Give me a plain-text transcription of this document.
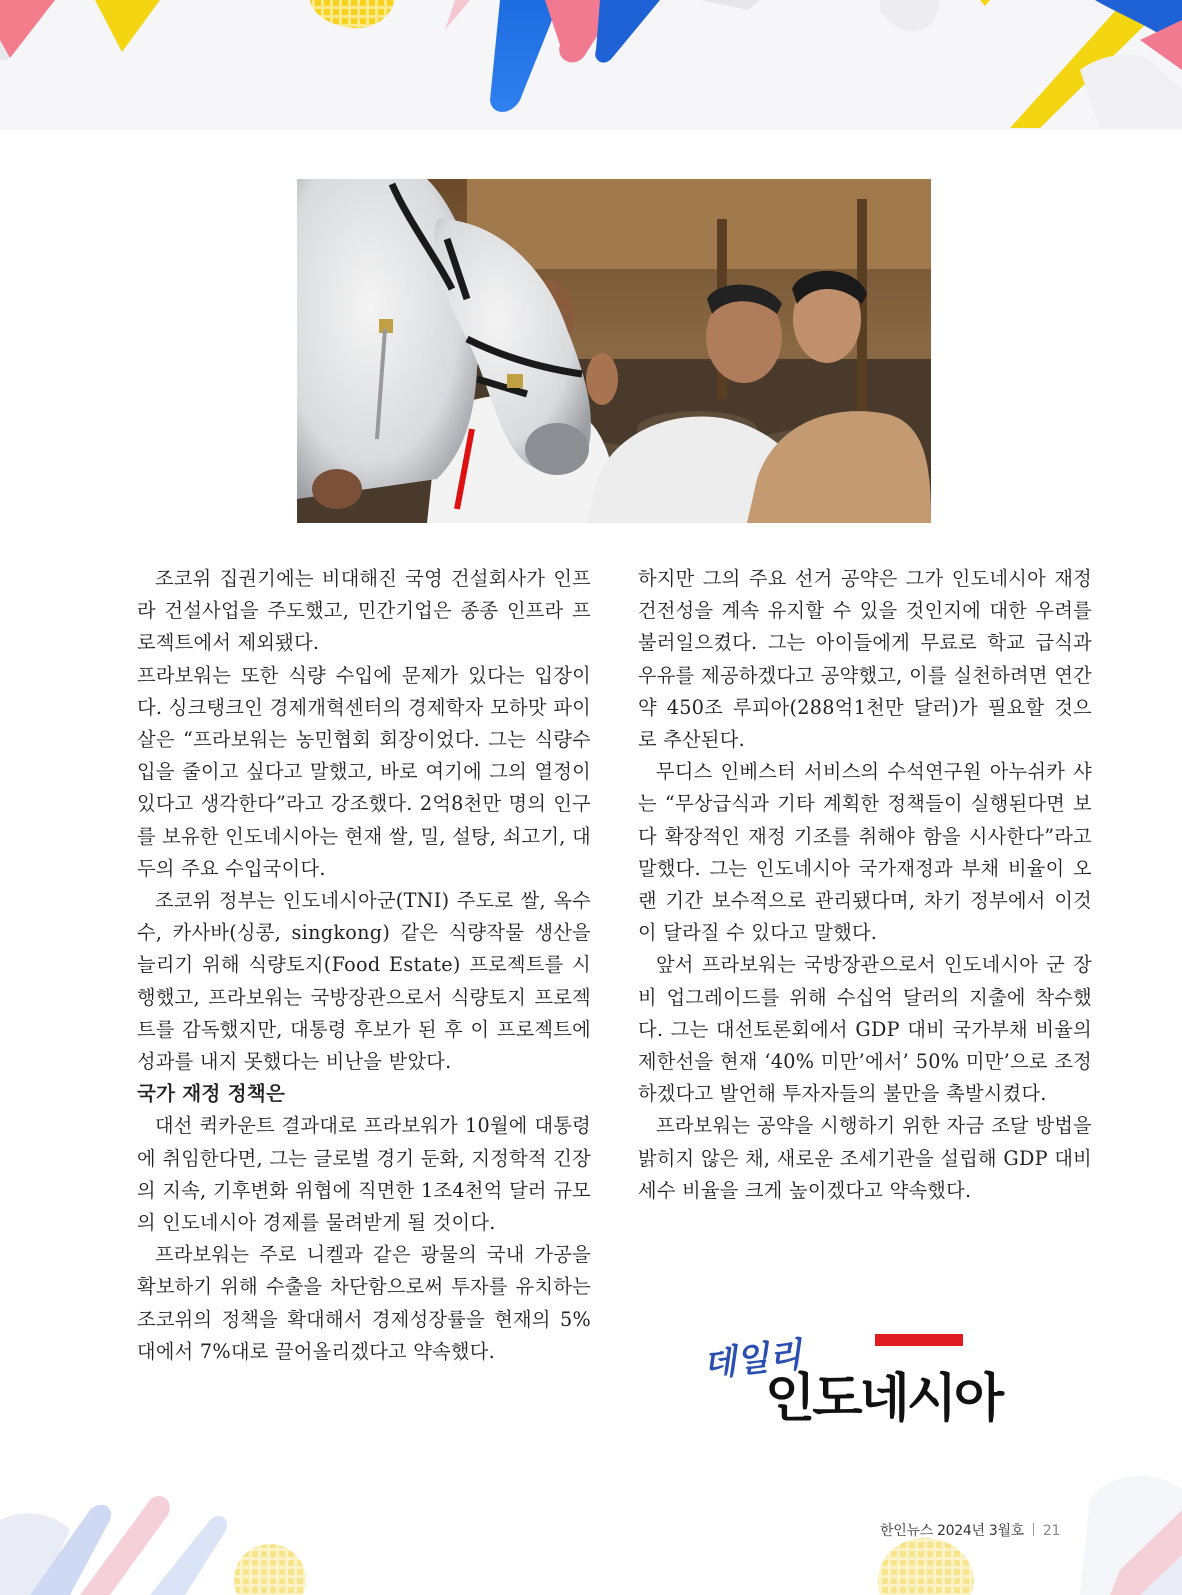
조코위 집권기에는 비대해진 국영 건설회사가 인프라 건설사업을 주도했고, 민간기업은 종종 인프라 프로젝트에서 제외됐다.

프라보워는 또한 식량 수입에 문제가 있다는 입장이다. 싱크탱크인 경제개혁센터의 경제학자 모하맛 파이살은 “프라보워는 농민협회 회장이었다. 그는 식량수입을 줄이고 싶다고 말했고, 바로 여기에 그의 열정이 있다고 생각한다”라고 강조했다. 2억8천만 명의 인구를 보유한 인도네시아는 현재 쌀, 밀, 설탕, 쇠고기, 대두의 주요 수입국이다.

조코위 정부는 인도네시아군(TNI) 주도로 쌀, 옥수수, 카사바(싱콩, singkong) 같은 식량작물 생산을 늘리기 위해 식량토지(Food Estate) 프로젝트를 시행했고, 프라보워는 국방장관으로서 식량토지 프로젝트를 감독했지만, 대통령 후보가 된 후 이 프로젝트에 성과를 내지 못했다는 비난을 받았다.

국가 재정 정책은

대선 퀵카운트 결과대로 프라보워가 10월에 대통령에 취임한다면, 그는 글로벌 경기 둔화, 지정학적 긴장의 지속, 기후변화 위협에 직면한 1조4천억 달러 규모의 인도네시아 경제를 물려받게 될 것이다.

프라보워는 주로 니켈과 같은 광물의 국내 가공을 확보하기 위해 수출을 차단함으로써 투자를 유치하는 조코위의 정책을 확대해서 경제성장률을 현재의 5%대에서 7%대로 끌어올리겠다고 약속했다.

하지만 그의 주요 선거 공약은 그가 인도네시아 재정 건전성을 계속 유지할 수 있을 것인지에 대한 우려를 불러일으켰다. 그는 아이들에게 무료로 학교 급식과 우유를 제공하겠다고 공약했고, 이를 실천하려면 연간 약 450조 루피아(288억1천만 달러)가 필요할 것으로 추산된다.

무디스 인베스터 서비스의 수석연구원 아누쉬카 샤는 “무상급식과 기타 계획한 정책들이 실행된다면 보다 확장적인 재정 기조를 취해야 함을 시사한다”라고 말했다. 그는 인도네시아 국가재정과 부채 비율이 오랜 기간 보수적으로 관리됐다며, 차기 정부에서 이것이 달라질 수 있다고 말했다.

앞서 프라보워는 국방장관으로서 인도네시아 군 장비 업그레이드를 위해 수십억 달러의 지출에 착수했다. 그는 대선토론회에서 GDP 대비 국가부채 비율의 제한선을 현재 ‘40% 미만’에서’ 50% 미만’으로 조정하겠다고 발언해 투자자들의 불만을 촉발시켰다.

프라보워는 공약을 시행하기 위한 자금 조달 방법을 밝히지 않은 채, 새로운 조세기관을 설립해 GDP 대비 세수 비율을 크게 높이겠다고 약속했다.

데일리
인도네시아
한인뉴스 2024년 3월호 21
